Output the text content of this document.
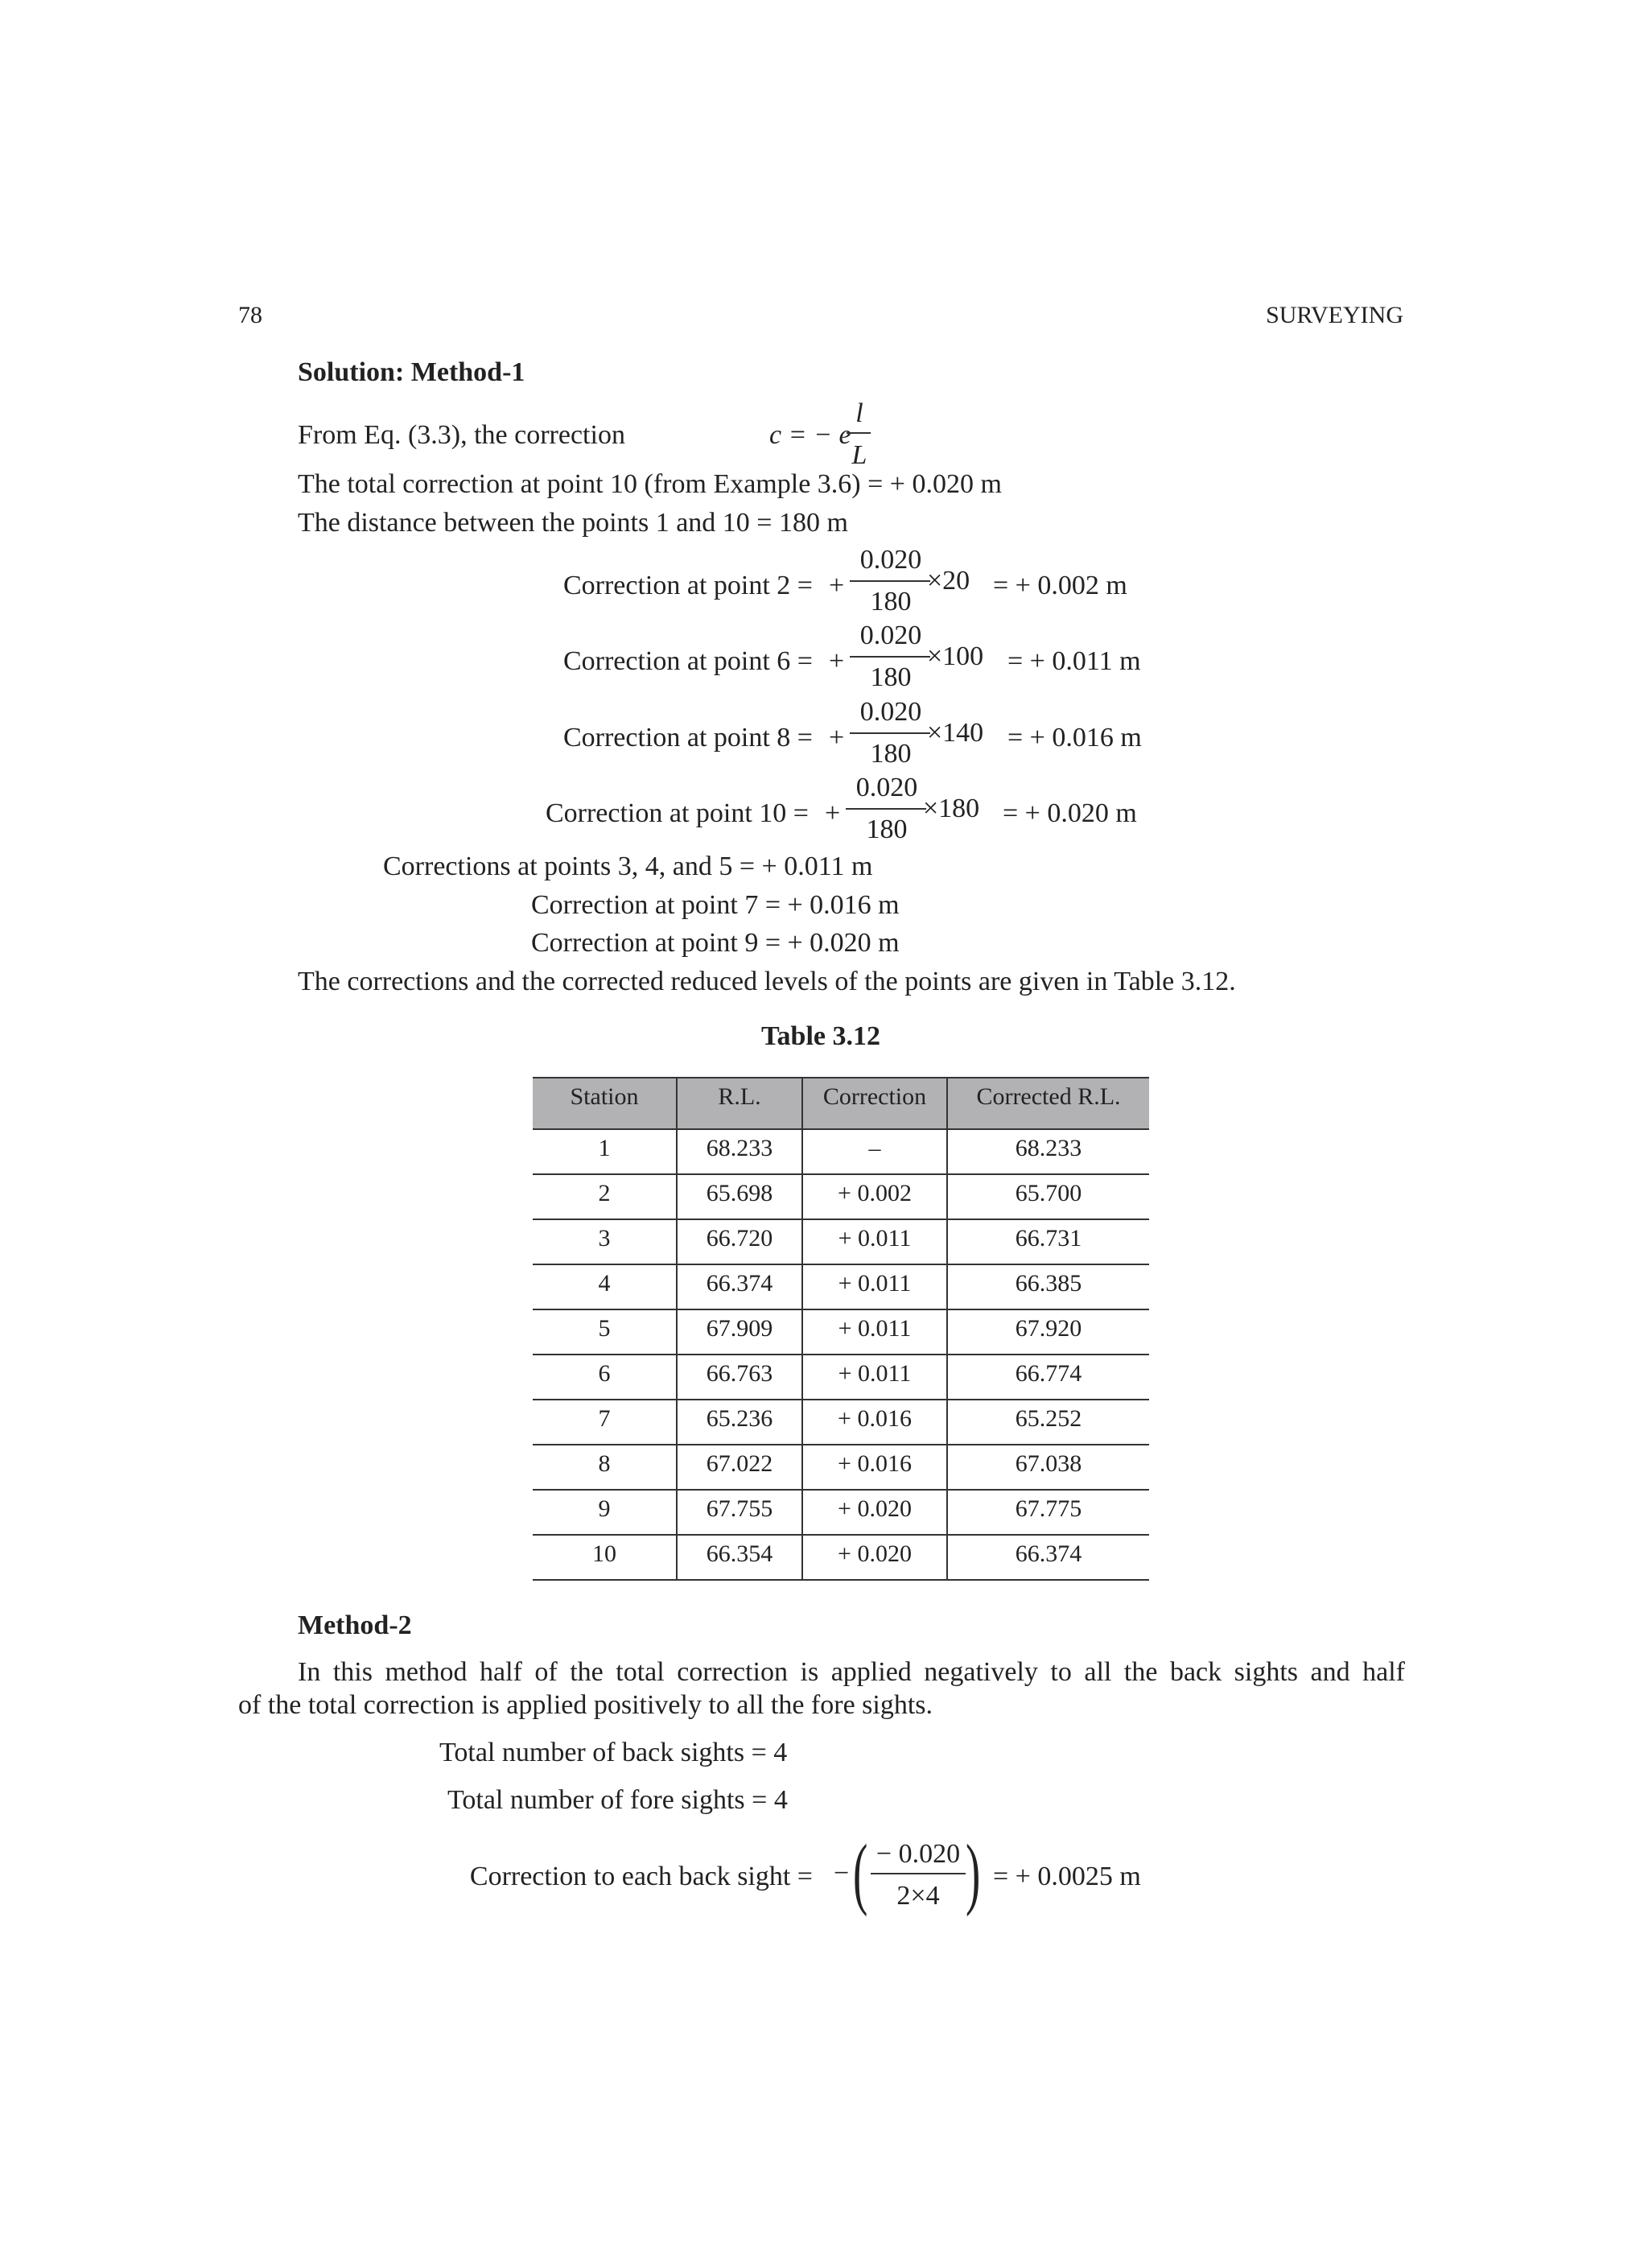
78	SURVEYING
Solution: Method-1
From Eq. (3.3), the correction	c = − e
l
L
The total correction at point 10 (from Example 3.6) = + 0.020 m
The distance between the points 1 and 10 = 180 m
Correction at point 2 = +
0.020
180
×20 = + 0.002 m
Correction at point 6 = +
0.020
180
×100 = + 0.011 m
Correction at point 8 = +
0.020
180
×140 = + 0.016 m
Correction at point 10 = +
0.020
180
×180 = + 0.020 m
Corrections at points 3, 4, and 5 = + 0.011 m
Correction at point 7 = + 0.016 m
Correction at point 9 = + 0.020 m
The corrections and the corrected reduced levels of the points are given in Table 3.12.
Table 3.12
Station	R.L.	Correction	Corrected R.L.
1	68.233	–	68.233
2	65.698	+ 0.002	65.700
3	66.720	+ 0.011	66.731
4	66.374	+ 0.011	66.385
5	67.909	+ 0.011	67.920
6	66.763	+ 0.011	66.774
7	65.236	+ 0.016	65.252
8	67.022	+ 0.016	67.038
9	67.755	+ 0.020	67.775
10	66.354	+ 0.020	66.374
Method-2
In this method half of the total correction is applied negatively to all the back sights and half
of the total correction is applied positively to all the fore sights.
Total number of back sights = 4
Total number of fore sights = 4
Correction to each back sight = − ( − 0.020
2×4 ) = + 0.0025 m
